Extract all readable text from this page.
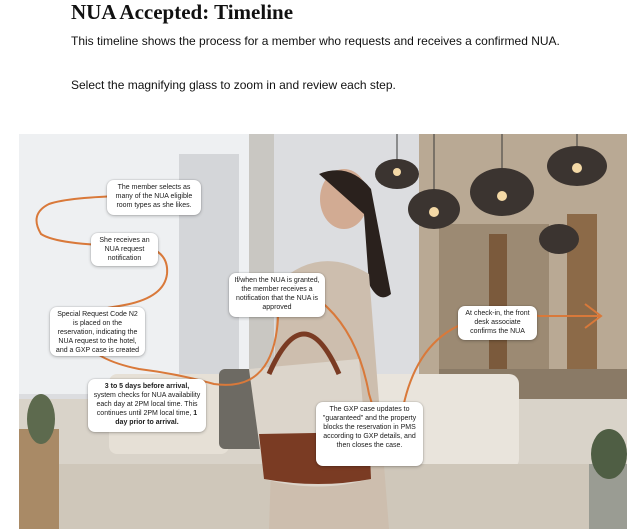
NUA Accepted: Timeline

This timeline shows the process for a member who requests and receives a confirmed NUA.

Select the magnifying glass to zoom in and review each step.

The member selects as many of the NUA eligible room types as she likes.
She receives an NUA request notification
Special Request Code N2 is placed on the reservation, indicating the NUA request to the hotel, and a GXP case is created
3 to 5 days before arrival, system checks for NUA availability each day at 2PM local time. This continues until 2PM local time, 1 day prior to arrival.
If/when the NUA is granted, the member receives a notification that the NUA is approved
The GXP case updates to "guaranteed" and the property blocks the reservation in PMS according to GXP details, and then closes the case.
At check-in, the front desk associate confirms the NUA
